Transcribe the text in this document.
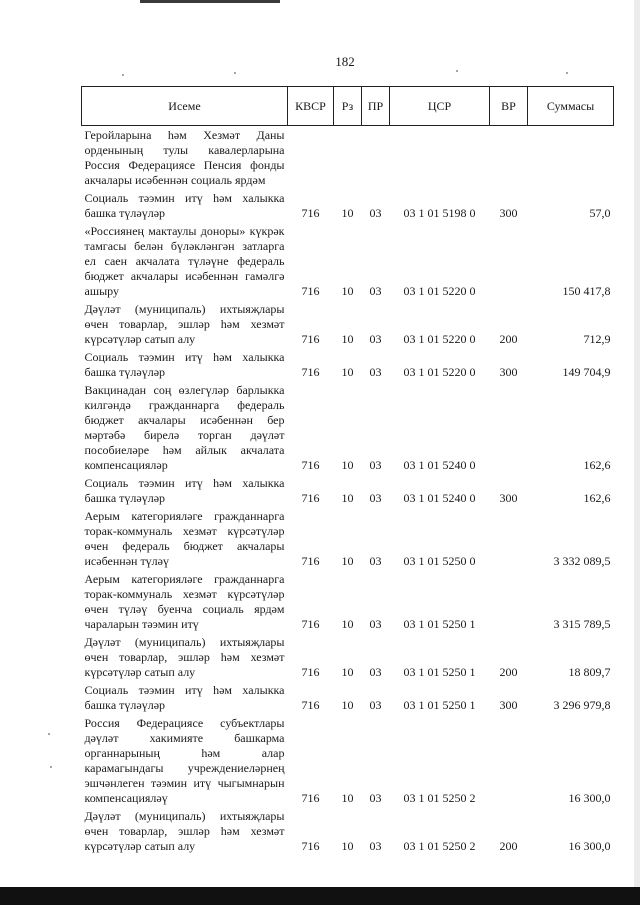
182
Исеме	КВСР	Рз	ПР	ЦСР	ВР	Суммасы
Геройларына һәм Хезмәт Даны орденының тулы кавалерларына Россия Федерациясе Пенсия фонды акчалары исәбеннән социаль ярдәм						
Социаль тәэмин итү һәм халыкка башка түләүләр	716	10	03	03 1 01 5198 0	300	57,0
«Россиянең мактаулы доноры» күкрәк тамгасы белән бүләкләнгән затларга ел саен акчалата түләүне федераль бюджет акчалары исәбеннән гамәлгә ашыру	716	10	03	03 1 01 5220 0		150 417,8
Дәүләт (муниципаль) ихтыяҗлары өчен товарлар, эшләр һәм хезмәт күрсәтүләр сатып алу	716	10	03	03 1 01 5220 0	200	712,9
Социаль тәэмин итү һәм халыкка башка түләүләр	716	10	03	03 1 01 5220 0	300	149 704,9
Вакцинадан соң өзлегүләр барлыкка килгәндә гражданнарга федераль бюджет акчалары исәбеннән бер мәртәбә бирелә торган дәүләт пособиеләре һәм айлык акчалата компенсацияләр	716	10	03	03 1 01 5240 0		162,6
Социаль тәэмин итү һәм халыкка башка түләүләр	716	10	03	03 1 01 5240 0	300	162,6
Аерым категорияләге гражданнарга торак-коммуналь хезмәт күрсәтүләр өчен федераль бюджет акчалары исәбеннән түләү	716	10	03	03 1 01 5250 0		3 332 089,5
Аерым категорияләге гражданнарга торак-коммуналь хезмәт күрсәтүләр өчен түләү буенча социаль ярдәм чараларын тәэмин итү	716	10	03	03 1 01 5250 1		3 315 789,5
Дәүләт (муниципаль) ихтыяҗлары өчен товарлар, эшләр һәм хезмәт күрсәтүләр сатып алу	716	10	03	03 1 01 5250 1	200	18 809,7
Социаль тәэмин итү һәм халыкка башка түләүләр	716	10	03	03 1 01 5250 1	300	3 296 979,8
Россия Федерациясе субъектлары дәүләт хакимияте башкарма органнарының һәм алар карамагындагы учреждениеләрнең эшчәнлеген тәэмин итү чыгымнарын компенсацияләү	716	10	03	03 1 01 5250 2		16 300,0
Дәүләт (муниципаль) ихтыяҗлары өчен товарлар, эшләр һәм хезмәт күрсәтүләр сатып алу	716	10	03	03 1 01 5250 2	200	16 300,0
